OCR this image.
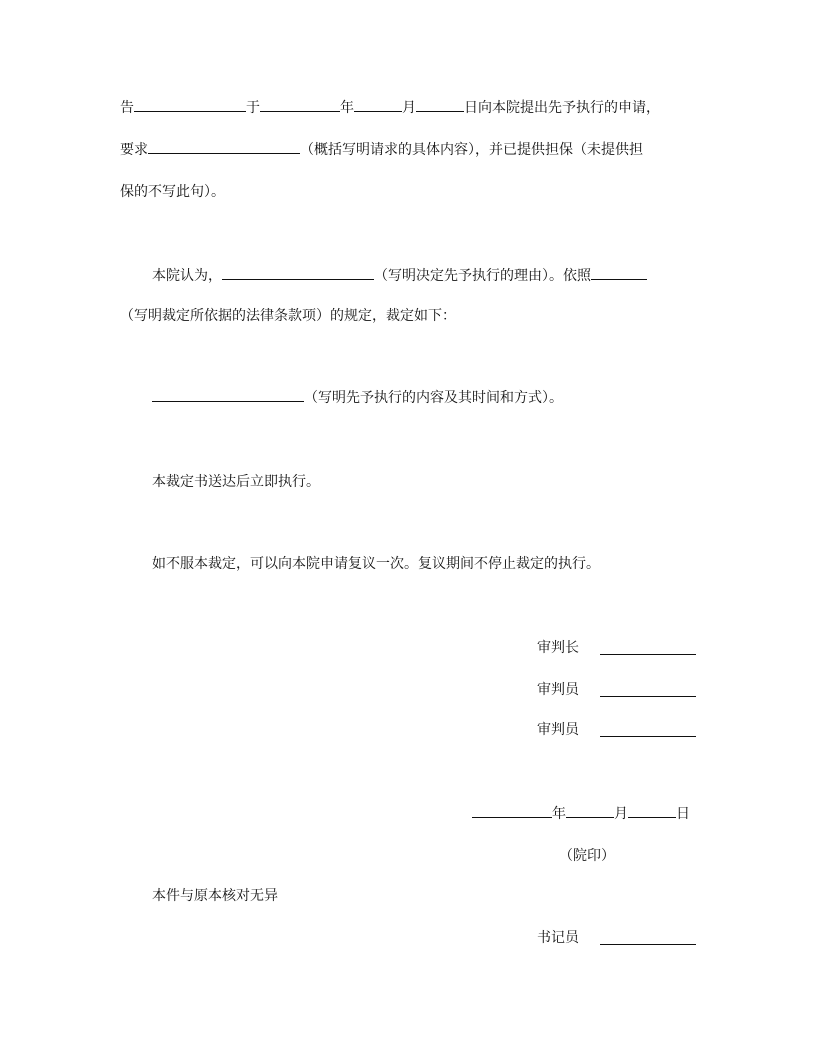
告	于	年	月	日向本院提出先予执行的申请，
要求	（概括写明请求的具体内容），并已提供担保（未提供担
保的不写此句）。
本院认为，	（写明决定先予执行的理由）。依照
（写明裁定所依据的法律条款项）的规定，裁定如下：
（写明先予执行的内容及其时间和方式）。
本裁定书送达后立即执行。
如不服本裁定，可以向本院申请复议一次。复议期间不停止裁定的执行。
审判长
审判员
审判员
年	月	日
（院印）
本件与原本核对无异
书记员
